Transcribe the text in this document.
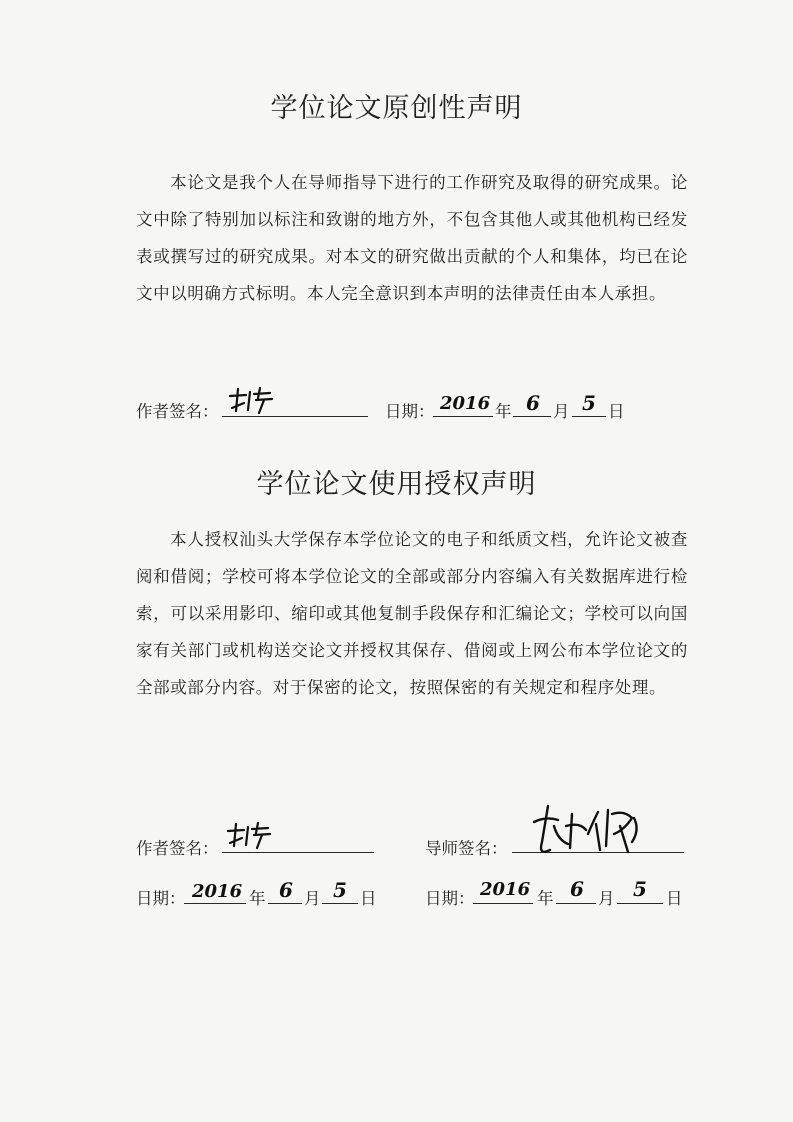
学位论文原创性声明

本论文是我个人在导师指导下进行的工作研究及取得的研究成果。论文中除了特别加以标注和致谢的地方外，不包含其他人或其他机构已经发表或撰写过的研究成果。对本文的研究做出贡献的个人和集体，均已在论文中以明确方式标明。本人完全意识到本声明的法律责任由本人承担。

作者签名：	日期： 2016 年 6 月 5 日
学位论文使用授权声明

本人授权汕头大学保存本学位论文的电子和纸质文档，允许论文被查阅和借阅；学校可将本学位论文的全部或部分内容编入有关数据库进行检索，可以采用影印、缩印或其他复制手段保存和汇编论文；学校可以向国家有关部门或机构送交论文并授权其保存、借阅或上网公布本学位论文的全部或部分内容。对于保密的论文，按照保密的有关规定和程序处理。

作者签名：	导师签名：
日期： 2016 年 6 月 5 日	日期： 2016 年 6 月 5 日
